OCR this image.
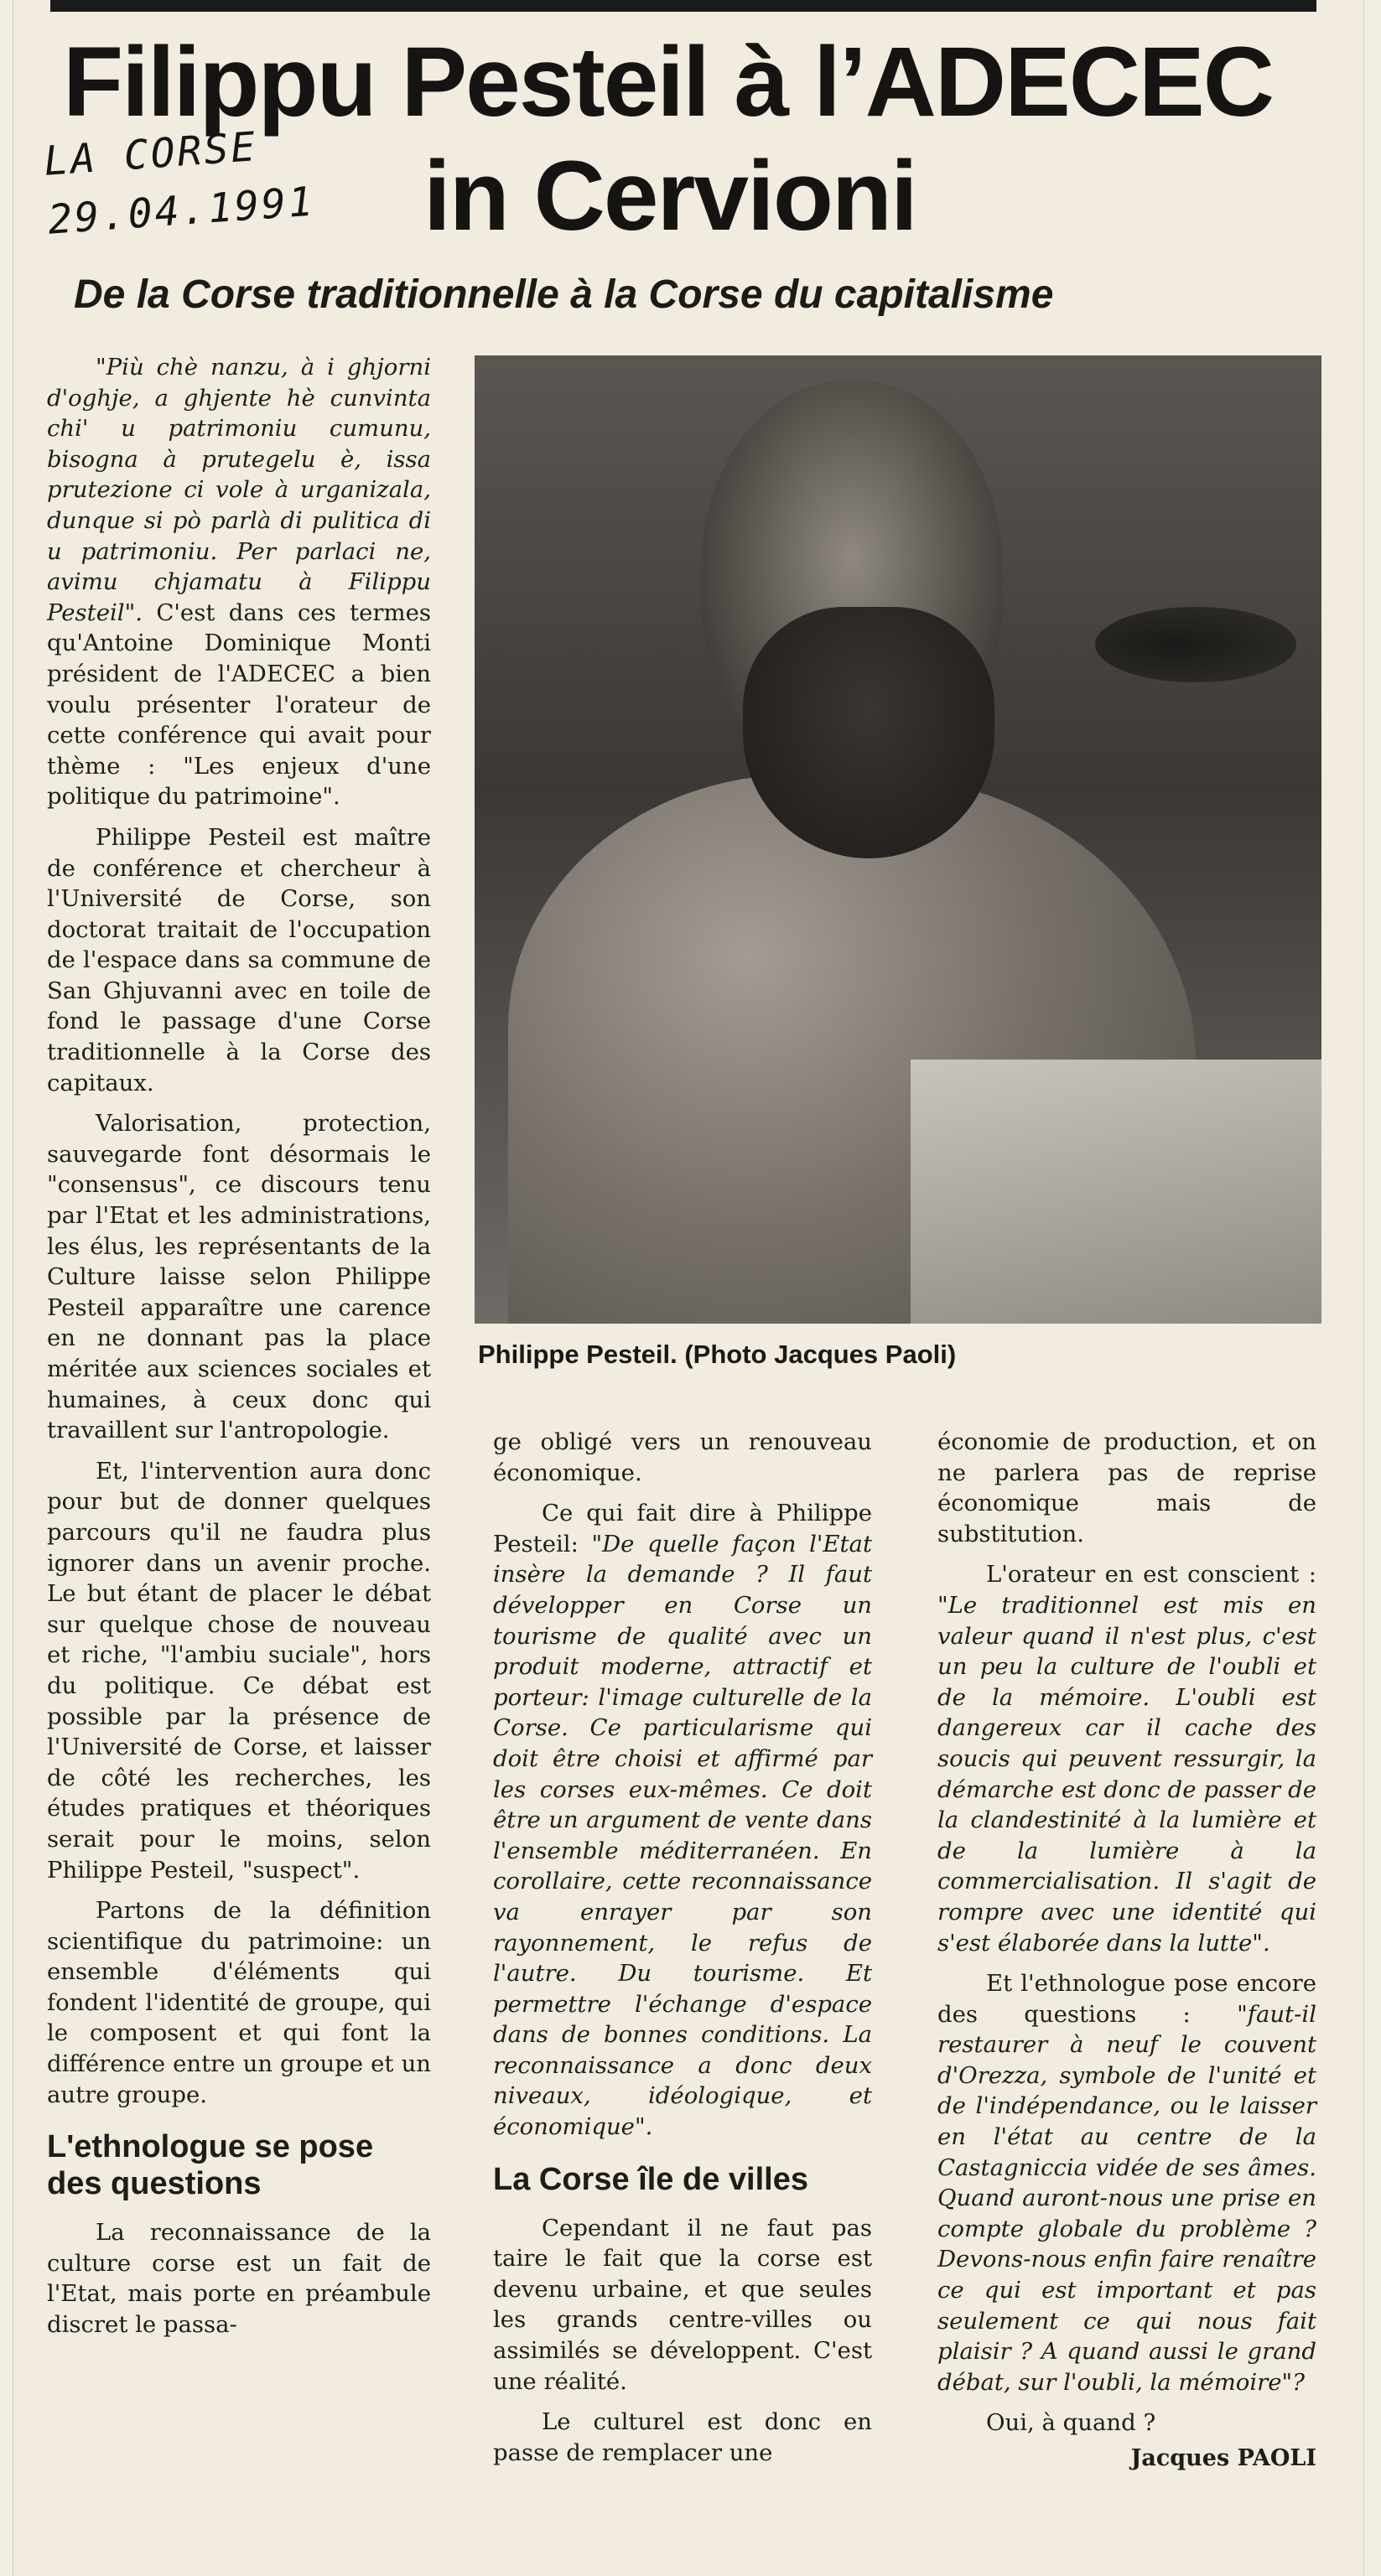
Filippu Pesteil à l’ADECEC
in Cervioni
LA CORSE
29.04.1991
De la Corse traditionnelle à la Corse du capitalisme
Philippe Pesteil. (Photo Jacques Paoli)

"Più chè nanzu, à i ghjorni d'oghje, a ghjente hè cunvinta chi' u patrimoniu cumunu, bisogna à prutegelu è, issa prutezione ci vole à urganizala, dunque si pò parlà di pulitica di u patrimoniu. Per parlaci ne, avimu chjamatu à Filippu Pesteil". C'est dans ces termes qu'Antoine Dominique Monti président de l'ADECEC a bien voulu présenter l'orateur de cette conférence qui avait pour thème : "Les enjeux d'une politique du patrimoine".

Philippe Pesteil est maître de conférence et chercheur à l'Université de Corse, son doctorat traitait de l'occupation de l'espace dans sa commune de San Ghjuvanni avec en toile de fond le passage d'une Corse traditionnelle à la Corse des capitaux.

Valorisation, protection, sauvegarde font désormais le "consensus", ce discours tenu par l'Etat et les administrations, les élus, les représentants de la Culture laisse selon Philippe Pesteil apparaître une carence en ne donnant pas la place méritée aux sciences sociales et humaines, à ceux donc qui travaillent sur l'antropologie.

Et, l'intervention aura donc pour but de donner quelques parcours qu'il ne faudra plus ignorer dans un avenir proche. Le but étant de placer le débat sur quelque chose de nouveau et riche, "l'ambiu suciale", hors du politique. Ce débat est possible par la présence de l'Université de Corse, et laisser de côté les recherches, les études pratiques et théoriques serait pour le moins, selon Philippe Pesteil, "suspect".

Partons de la définition scientifique du patrimoine: un ensemble d'éléments qui fondent l'identité de groupe, qui le composent et qui font la différence entre un groupe et un autre groupe.

L'ethnologue se pose des questions

La reconnaissance de la culture corse est un fait de l'Etat, mais porte en préambule discret le passa-

ge obligé vers un renouveau économique.

Ce qui fait dire à Philippe Pesteil: "De quelle façon l'Etat insère la demande ? Il faut développer en Corse un tourisme de qualité avec un produit moderne, attractif et porteur: l'image culturelle de la Corse. Ce particularisme qui doit être choisi et affirmé par les corses eux-mêmes. Ce doit être un argument de vente dans l'ensemble méditerranéen. En corollaire, cette reconnaissance va enrayer par son rayonnement, le refus de l'autre. Du tourisme. Et permettre l'échange d'espace dans de bonnes conditions. La reconnaissance a donc deux niveaux, idéologique, et économique".

La Corse île de villes

Cependant il ne faut pas taire le fait que la corse est devenu urbaine, et que seules les grands centre-villes ou assimilés se développent. C'est une réalité.

Le culturel est donc en passe de remplacer une

économie de production, et on ne parlera pas de reprise économique mais de substitution.

L'orateur en est conscient : "Le traditionnel est mis en valeur quand il n'est plus, c'est un peu la culture de l'oubli et de la mémoire. L'oubli est dangereux car il cache des soucis qui peuvent ressurgir, la démarche est donc de passer de la clandestinité à la lumière et de la lumière à la commercialisation. Il s'agit de rompre avec une identité qui s'est élaborée dans la lutte".

Et l'ethnologue pose encore des questions : "faut-il restaurer à neuf le couvent d'Orezza, symbole de l'unité et de l'indépendance, ou le laisser en l'état au centre de la Castagniccia vidée de ses âmes. Quand auront-nous une prise en compte globale du problème ? Devons-nous enfin faire renaître ce qui est important et pas seulement ce qui nous fait plaisir ? A quand aussi le grand débat, sur l'oubli, la mémoire"?

Oui, à quand ?

Jacques PAOLI
